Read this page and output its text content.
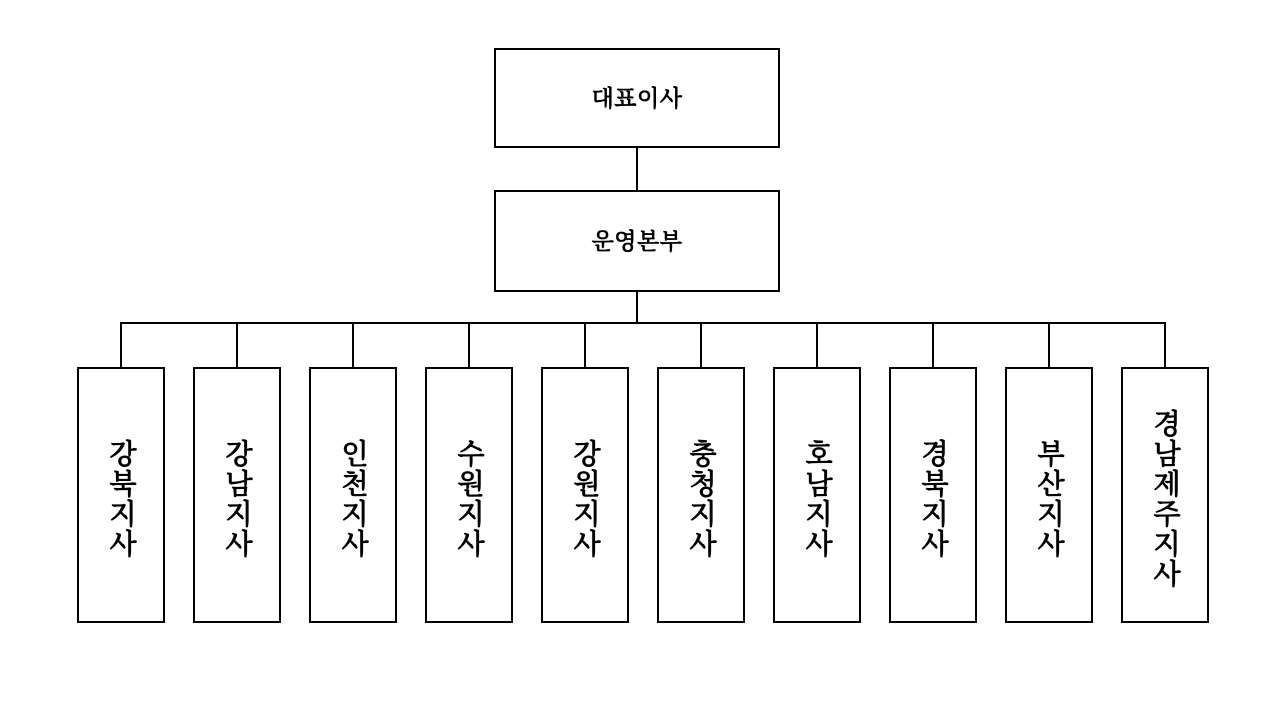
대표이사
운영본부
강북지사	강남지사	인천지사	수원지사	강원지사	충청지사	호남지사	경북지사	부산지사	경남제주지사
